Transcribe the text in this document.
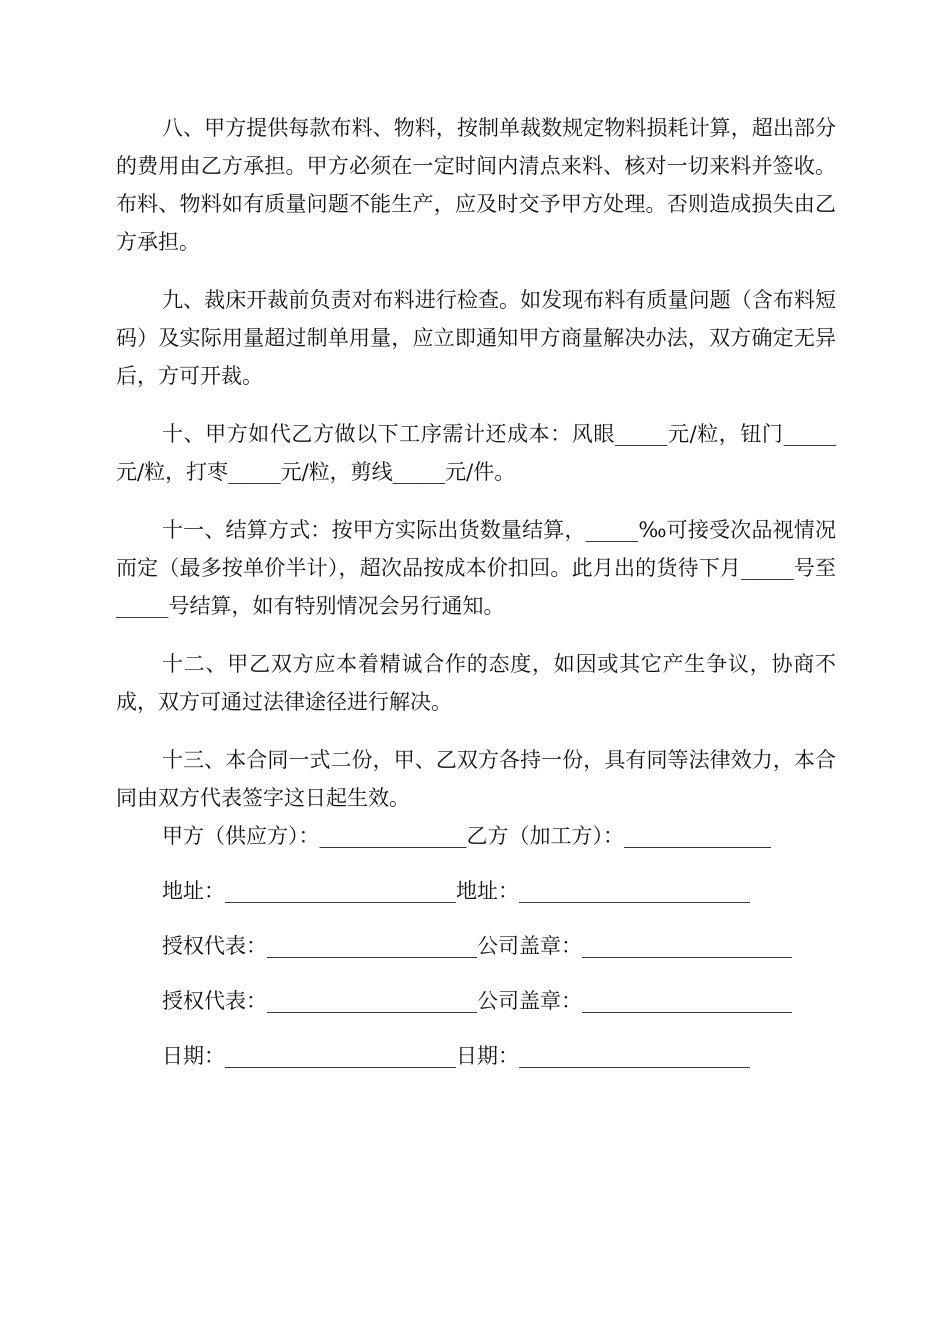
八、甲方提供每款布料、物料，按制单裁数规定物料损耗计算，超出部分的费用由乙方承担。甲方必须在一定时间内清点来料、核对一切来料并签收。布料、物料如有质量问题不能生产，应及时交予甲方处理。否则造成损失由乙方承担。

九、裁床开裁前负责对布料进行检查。如发现布料有质量问题（含布料短码）及实际用量超过制单用量，应立即通知甲方商量解决办法，双方确定无异后，方可开裁。

十、甲方如代乙方做以下工序需计还成本：风眼_____元/粒，钮门_____元/粒，打枣_____元/粒，剪线_____元/件。

十一、结算方式：按甲方实际出货数量结算，_____‰可接受次品视情况而定（最多按单价半计），超次品按成本价扣回。此月出的货待下月_____号至_____号结算，如有特别情况会另行通知。

十二、甲乙双方应本着精诚合作的态度，如因或其它产生争议，协商不成，双方可通过法律途径进行解决。

十三、本合同一式二份，甲、乙双方各持一份，具有同等法律效力，本合同由双方代表签字这日起生效。

甲方（供应方）：______________乙方（加工方）：______________
地址：______________________地址：______________________
授权代表：____________________公司盖章：____________________
授权代表：____________________公司盖章：____________________
日期：______________________日期：______________________
